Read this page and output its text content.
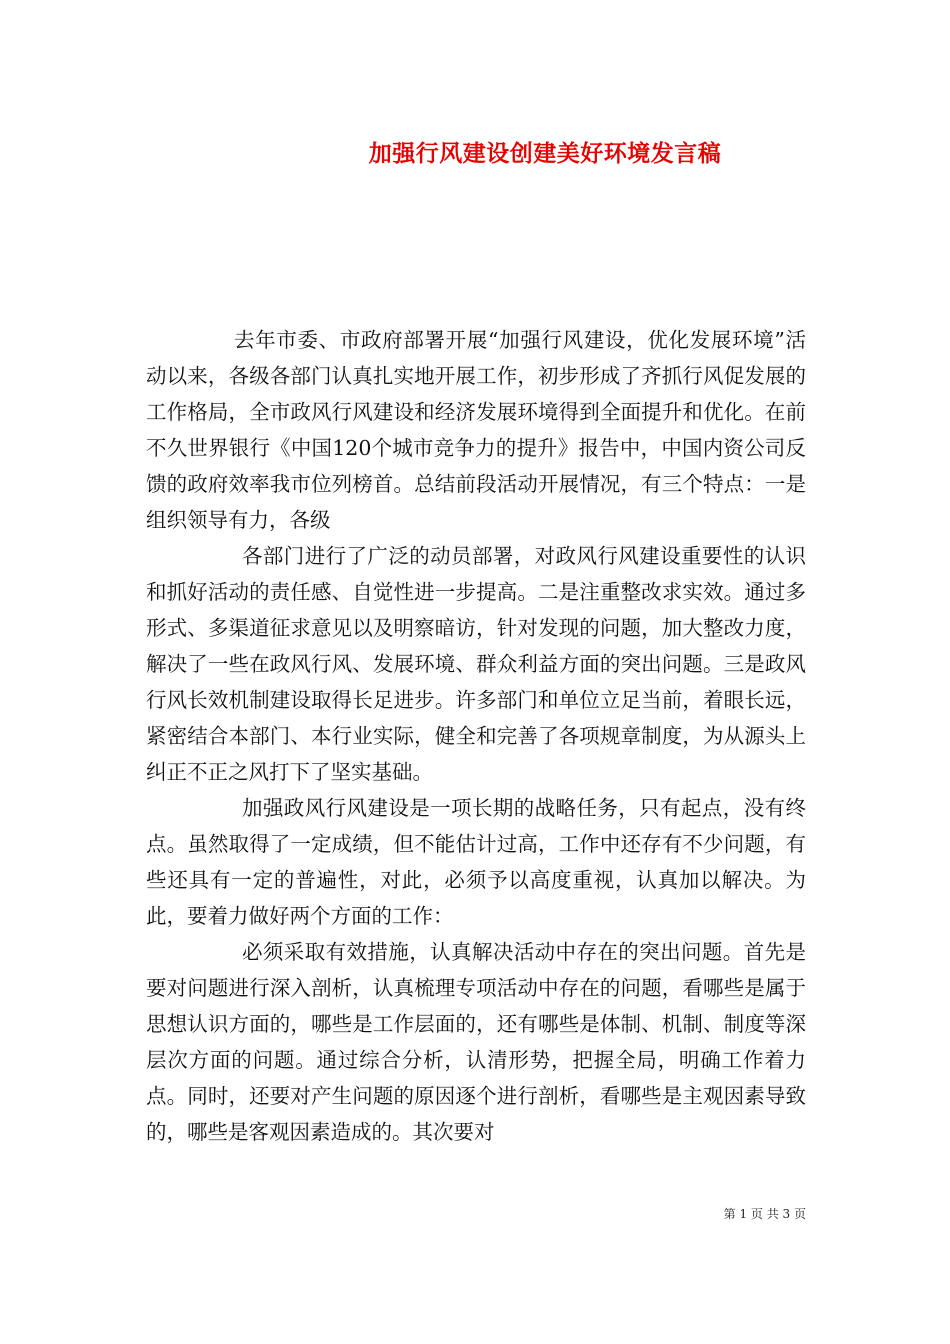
加强行风建设创建美好环境发言稿

去年市委、市政府部署开展“加强行风建设，优化发展环境”活动以来，各级各部门认真扎实地开展工作，初步形成了齐抓行风促发展的工作格局，全市政风行风建设和经济发展环境得到全面提升和优化。在前不久世界银行《中国120个城市竞争力的提升》报告中，中国内资公司反馈的政府效率我市位列榜首。总结前段活动开展情况，有三个特点：一是组织领导有力，各级

各部门进行了广泛的动员部署，对政风行风建设重要性的认识和抓好活动的责任感、自觉性进一步提高。二是注重整改求实效。通过多形式、多渠道征求意见以及明察暗访，针对发现的问题，加大整改力度，解决了一些在政风行风、发展环境、群众利益方面的突出问题。三是政风行风长效机制建设取得长足进步。许多部门和单位立足当前，着眼长远，紧密结合本部门、本行业实际，健全和完善了各项规章制度，为从源头上纠正不正之风打下了坚实基础。

加强政风行风建设是一项长期的战略任务，只有起点，没有终点。虽然取得了一定成绩，但不能估计过高，工作中还存有不少问题，有些还具有一定的普遍性，对此，必须予以高度重视，认真加以解决。为此，要着力做好两个方面的工作：

必须采取有效措施，认真解决活动中存在的突出问题。首先是要对问题进行深入剖析，认真梳理专项活动中存在的问题，看哪些是属于思想认识方面的，哪些是工作层面的，还有哪些是体制、机制、制度等深层次方面的问题。通过综合分析，认清形势，把握全局，明确工作着力点。同时，还要对产生问题的原因逐个进行剖析，看哪些是主观因素导致的，哪些是客观因素造成的。其次要对

第 1 页 共 3 页
